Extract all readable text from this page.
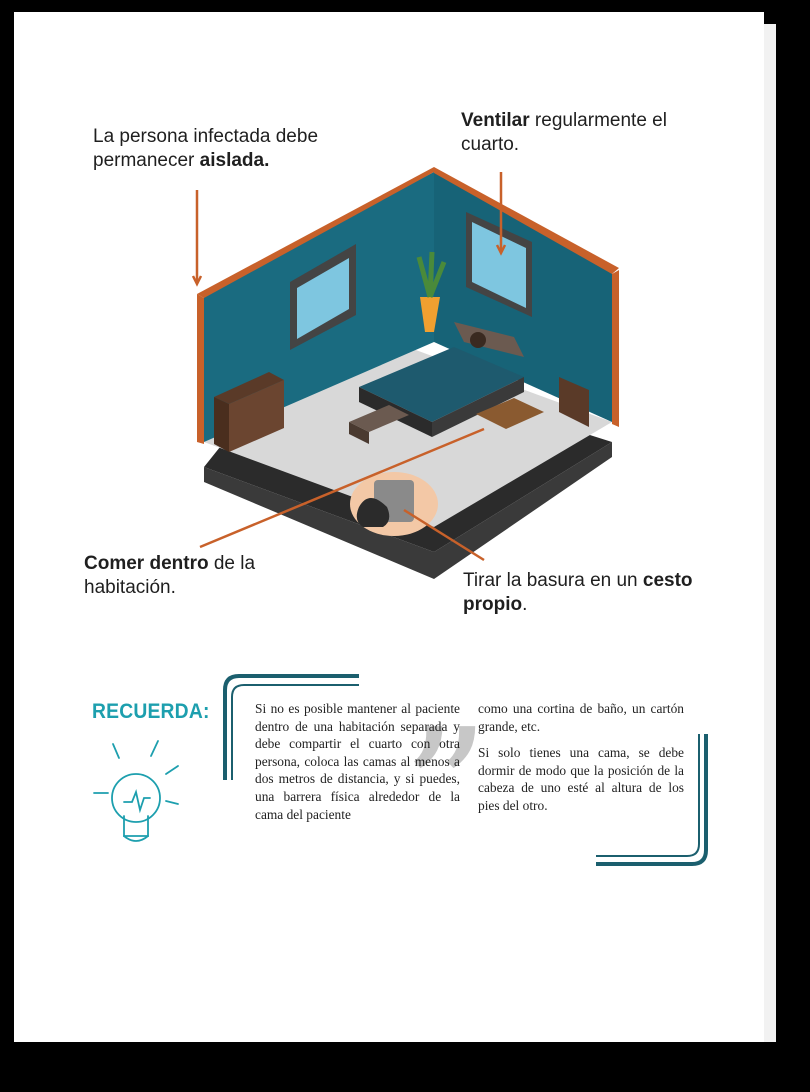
La persona infectada debe permanecer aislada.
Ventilar regularmente el cuarto.
Comer dentro de la habitación.	Tirar la basura en un cesto propio.
RECUERDA: ”

Si no es posible mantener al paciente dentro de una habitación separada y debe compartir el cuarto con otra persona, coloca las camas al menos a dos metros de distancia, y si puedes, una barrera física alrededor de la cama del paciente

como una cortina de baño, un cartón grande, etc.

Si solo tienes una cama, se debe dormir de modo que la posición de la cabeza de uno esté al altura de los pies del otro.
